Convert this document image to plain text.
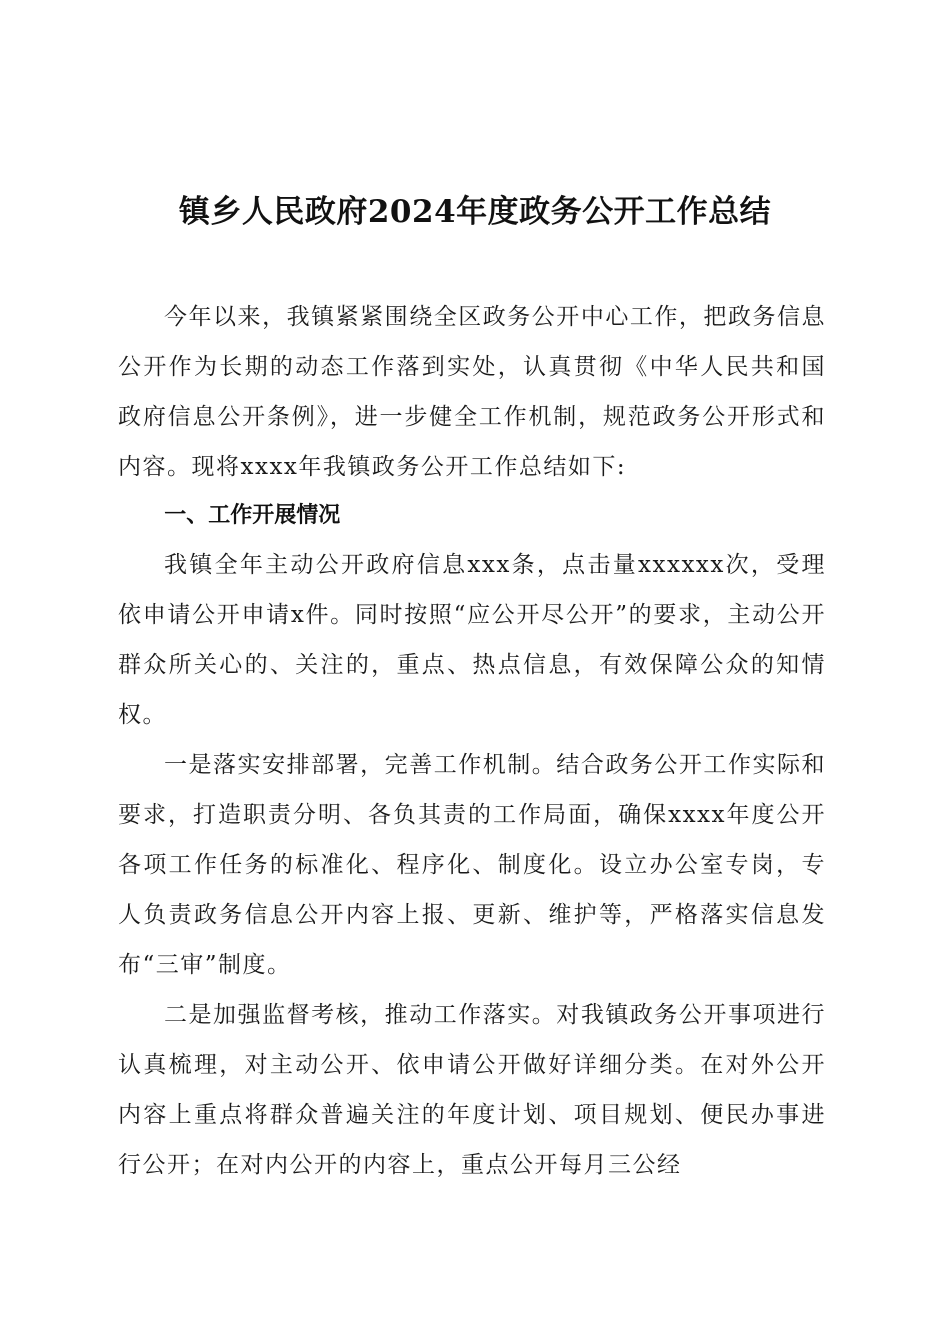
镇乡人民政府2024年度政务公开工作总结

今年以来，我镇紧紧围绕全区政务公开中心工作，把政务信息公开作为长期的动态工作落到实处，认真贯彻《中华人民共和国政府信息公开条例》，进一步健全工作机制，规范政务公开形式和内容。现将xxxx年我镇政务公开工作总结如下:

一、工作开展情况

我镇全年主动公开政府信息xxx条，点击量xxxxxx次，受理依申请公开申请x件。同时按照“应公开尽公开”的要求，主动公开群众所关心的、关注的，重点、热点信息，有效保障公众的知情权。

一是落实安排部署，完善工作机制。结合政务公开工作实际和要求，打造职责分明、各负其责的工作局面，确保xxxx年度公开各项工作任务的标准化、程序化、制度化。设立办公室专岗，专人负责政务信息公开内容上报、更新、维护等，严格落实信息发布“三审”制度。

二是加强监督考核，推动工作落实。对我镇政务公开事项进行认真梳理，对主动公开、依申请公开做好详细分类。在对外公开内容上重点将群众普遍关注的年度计划、项目规划、便民办事进行公开；在对内公开的内容上，重点公开每月三公经
